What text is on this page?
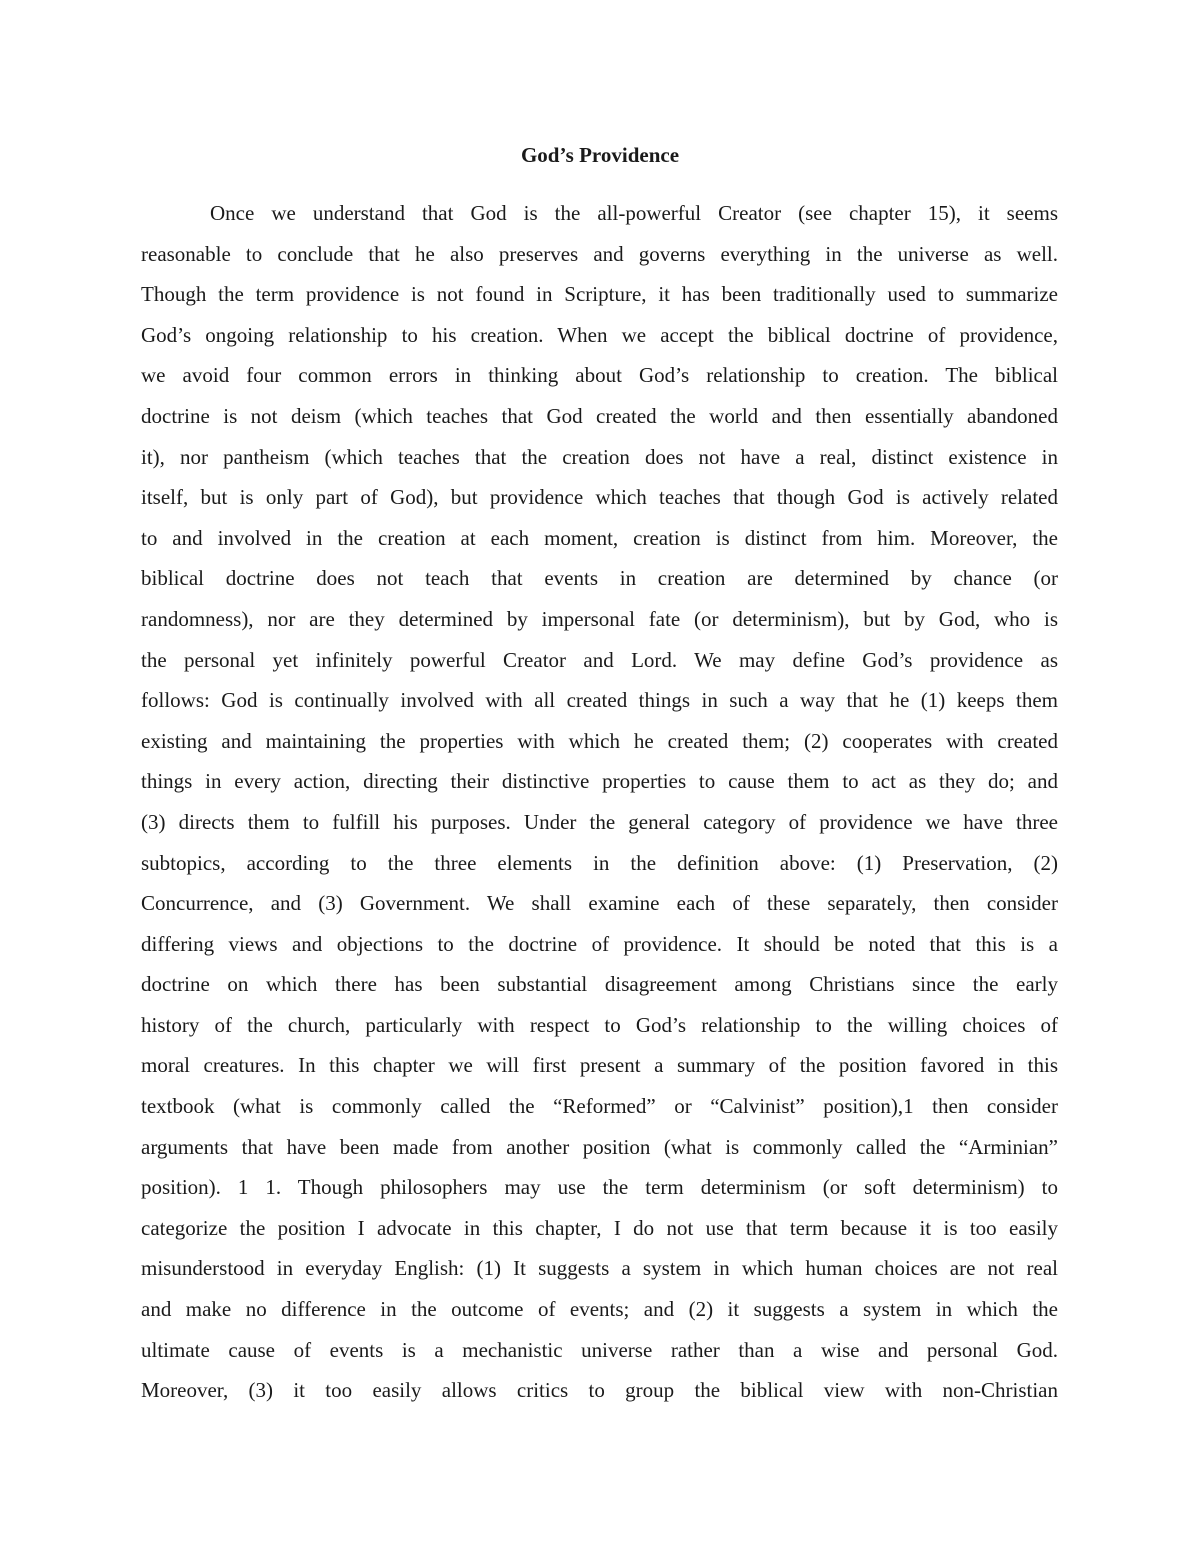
God’s Providence
Once we understand that God is the all-powerful Creator (see chapter 15), it seems
reasonable to conclude that he also preserves and governs everything in the universe as well.
Though the term providence is not found in Scripture, it has been traditionally used to summarize
God’s ongoing relationship to his creation. When we accept the biblical doctrine of providence,
we avoid four common errors in thinking about God’s relationship to creation. The biblical
doctrine is not deism (which teaches that God created the world and then essentially abandoned
it), nor pantheism (which teaches that the creation does not have a real, distinct existence in
itself, but is only part of God), but providence which teaches that though God is actively related
to and involved in the creation at each moment, creation is distinct from him. Moreover, the
biblical doctrine does not teach that events in creation are determined by chance (or
randomness), nor are they determined by impersonal fate (or determinism), but by God, who is
the personal yet infinitely powerful Creator and Lord. We may define God’s providence as
follows: God is continually involved with all created things in such a way that he (1) keeps them
existing and maintaining the properties with which he created them; (2) cooperates with created
things in every action, directing their distinctive properties to cause them to act as they do; and
(3) directs them to fulfill his purposes. Under the general category of providence we have three
subtopics, according to the three elements in the definition above: (1) Preservation, (2)
Concurrence, and (3) Government. We shall examine each of these separately, then consider
differing views and objections to the doctrine of providence. It should be noted that this is a
doctrine on which there has been substantial disagreement among Christians since the early
history of the church, particularly with respect to God’s relationship to the willing choices of
moral creatures. In this chapter we will first present a summary of the position favored in this
textbook (what is commonly called the “Reformed” or “Calvinist” position),1 then consider
arguments that have been made from another position (what is commonly called the “Arminian”
position). 1 1. Though philosophers may use the term determinism (or soft determinism) to
categorize the position I advocate in this chapter, I do not use that term because it is too easily
misunderstood in everyday English: (1) It suggests a system in which human choices are not real
and make no difference in the outcome of events; and (2) it suggests a system in which the
ultimate cause of events is a mechanistic universe rather than a wise and personal God.
Moreover, (3) it too easily allows critics to group the biblical view with non-Christian
